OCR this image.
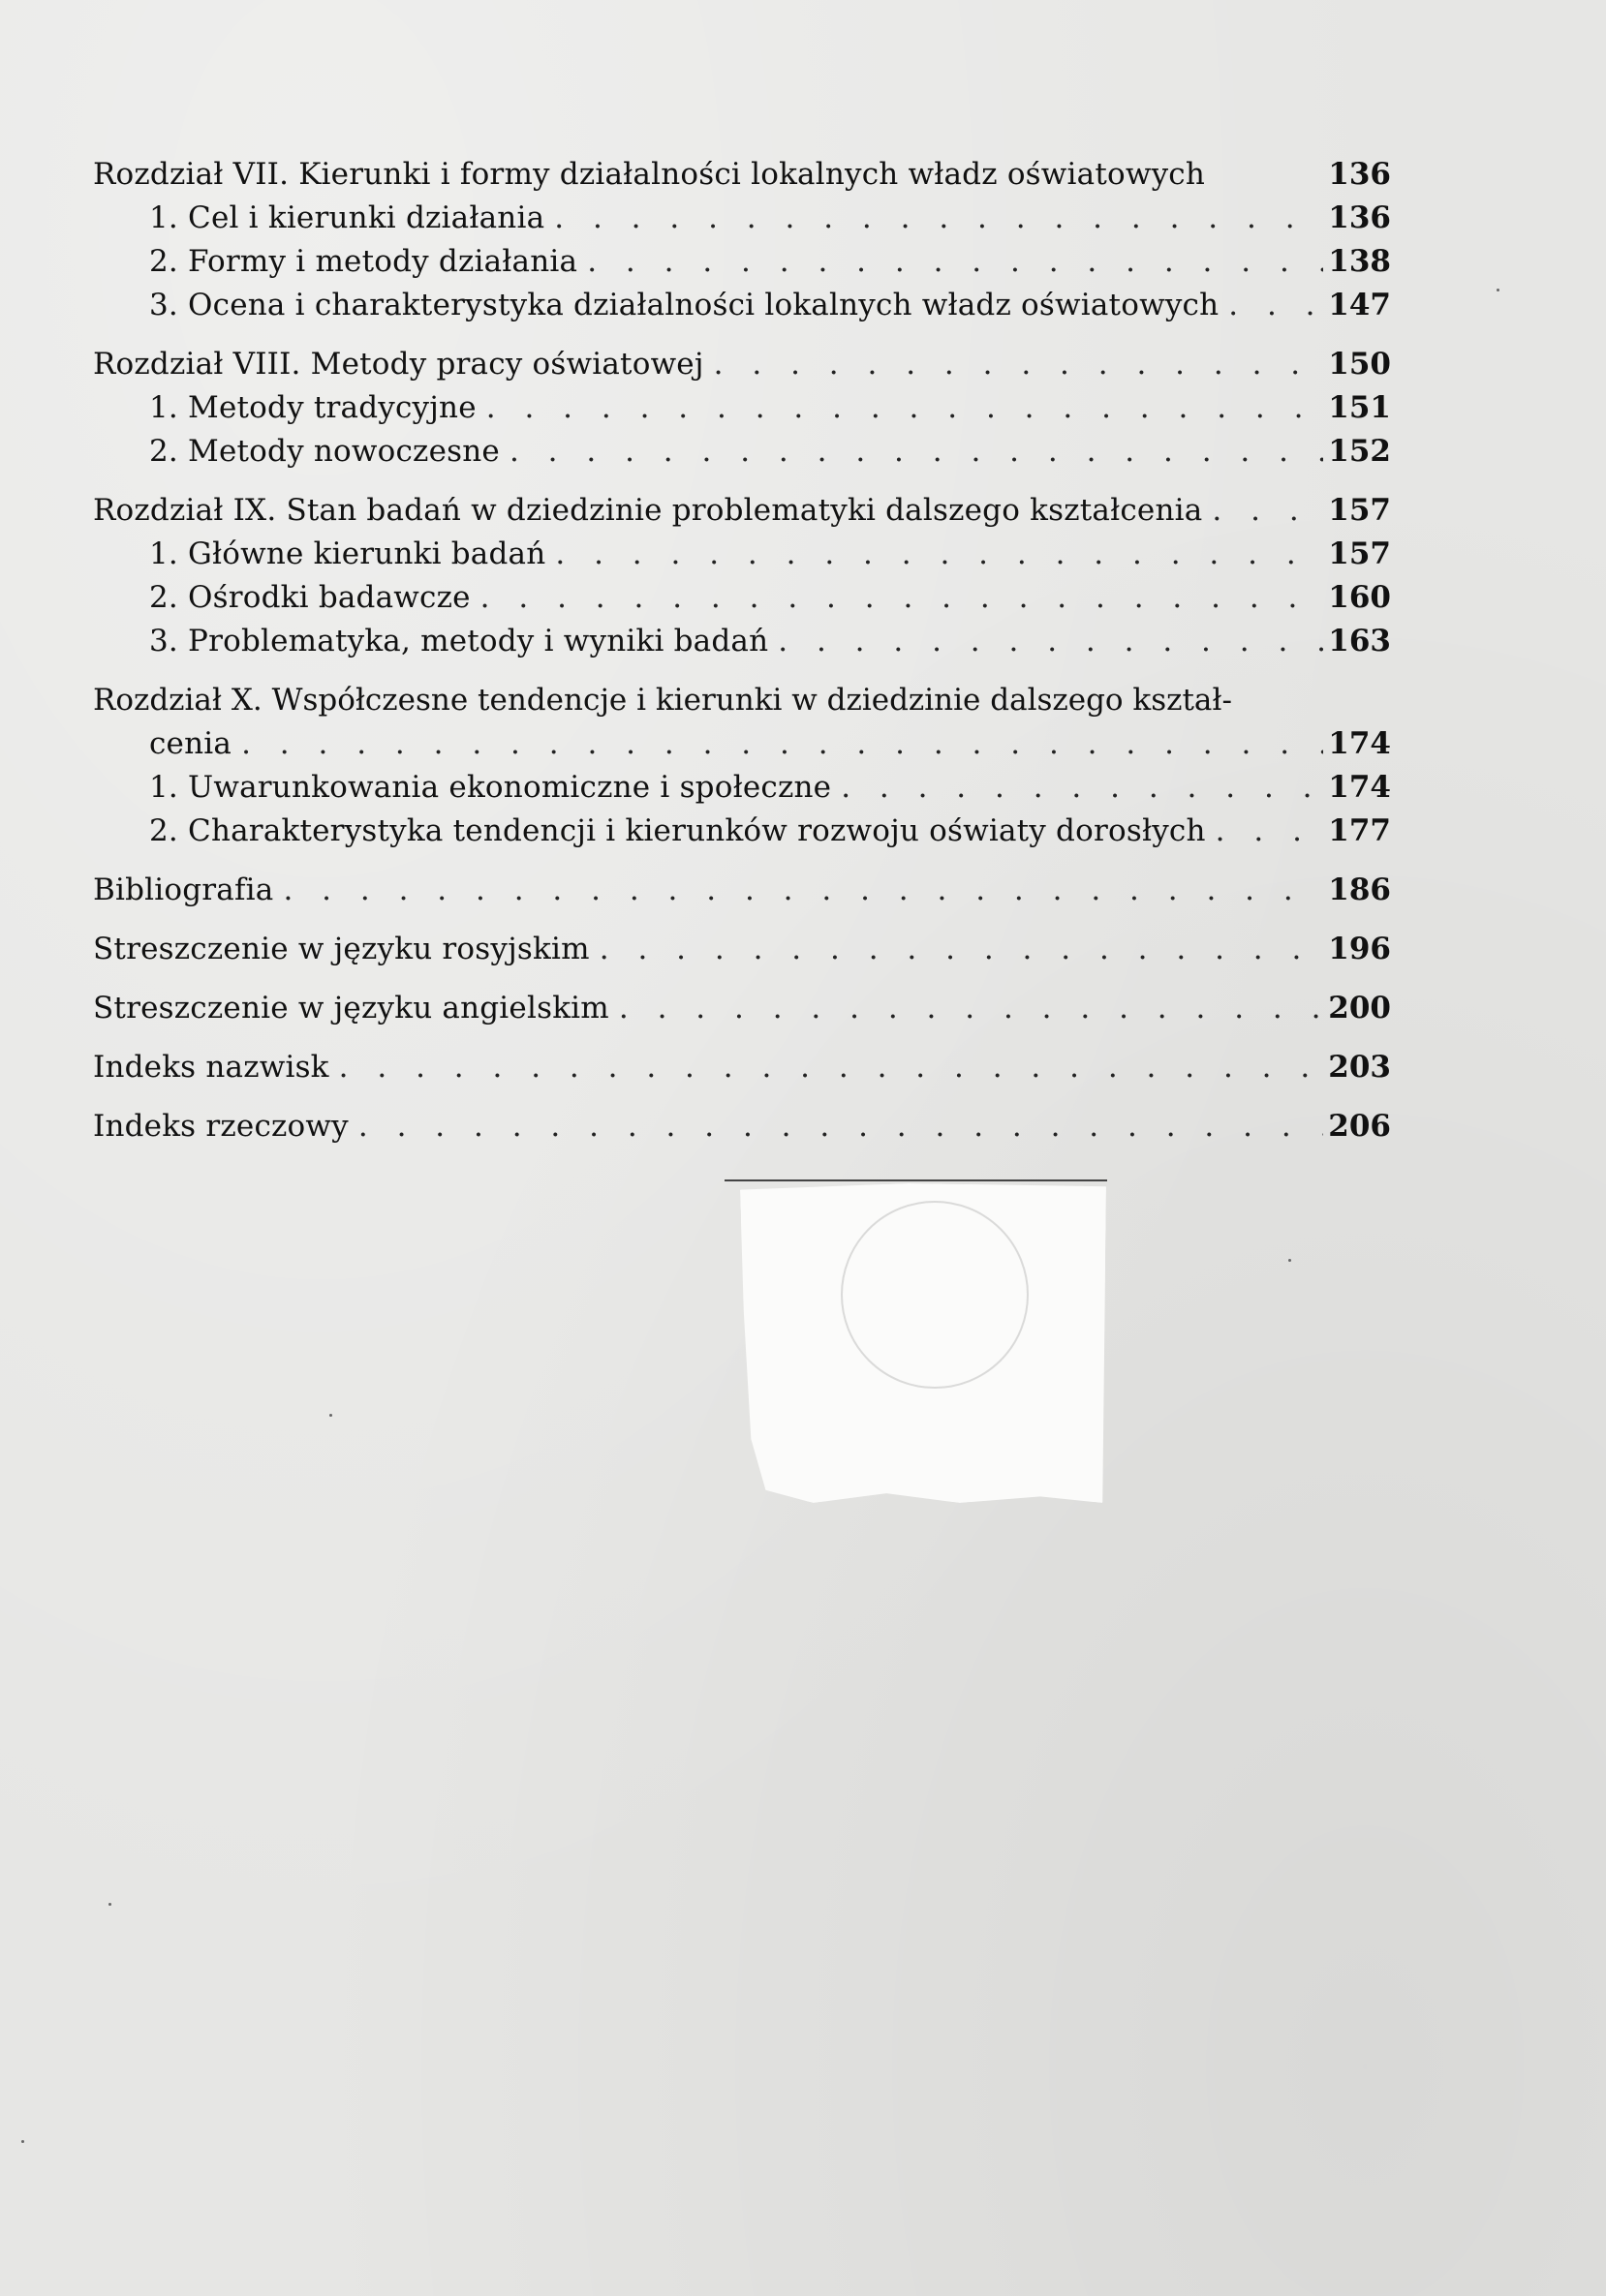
Rozdział VII. Kierunki i formy działalności lokalnych władz oświatowych	136
1. Cel i kierunki działania . . .	136
2. Formy i metody działania . . .	138
3. Ocena i charakterystyka działalności lokalnych władz oświatowych . . .	147
Rozdział VIII. Metody pracy oświatowej . . .	150
1. Metody tradycyjne . . .	151
2. Metody nowoczesne . . .	152
Rozdział IX. Stan badań w dziedzinie problematyki dalszego kształcenia . . .	157
1. Główne kierunki badań . . .	157
2. Ośrodki badawcze . . .	160
3. Problematyka, metody i wyniki badań . . .	163
Rozdział X. Współczesne tendencje i kierunki w dziedzinie dalszego kształ-
cenia . . .	174
1. Uwarunkowania ekonomiczne i społeczne . . .	174
2. Charakterystyka tendencji i kierunków rozwoju oświaty dorosłych . . .	177
Bibliografia . . .	186
Streszczenie w języku rosyjskim . . .	196
Streszczenie w języku angielskim . . .	200
Indeks nazwisk . . .	203
Indeks rzeczowy . . .	206
